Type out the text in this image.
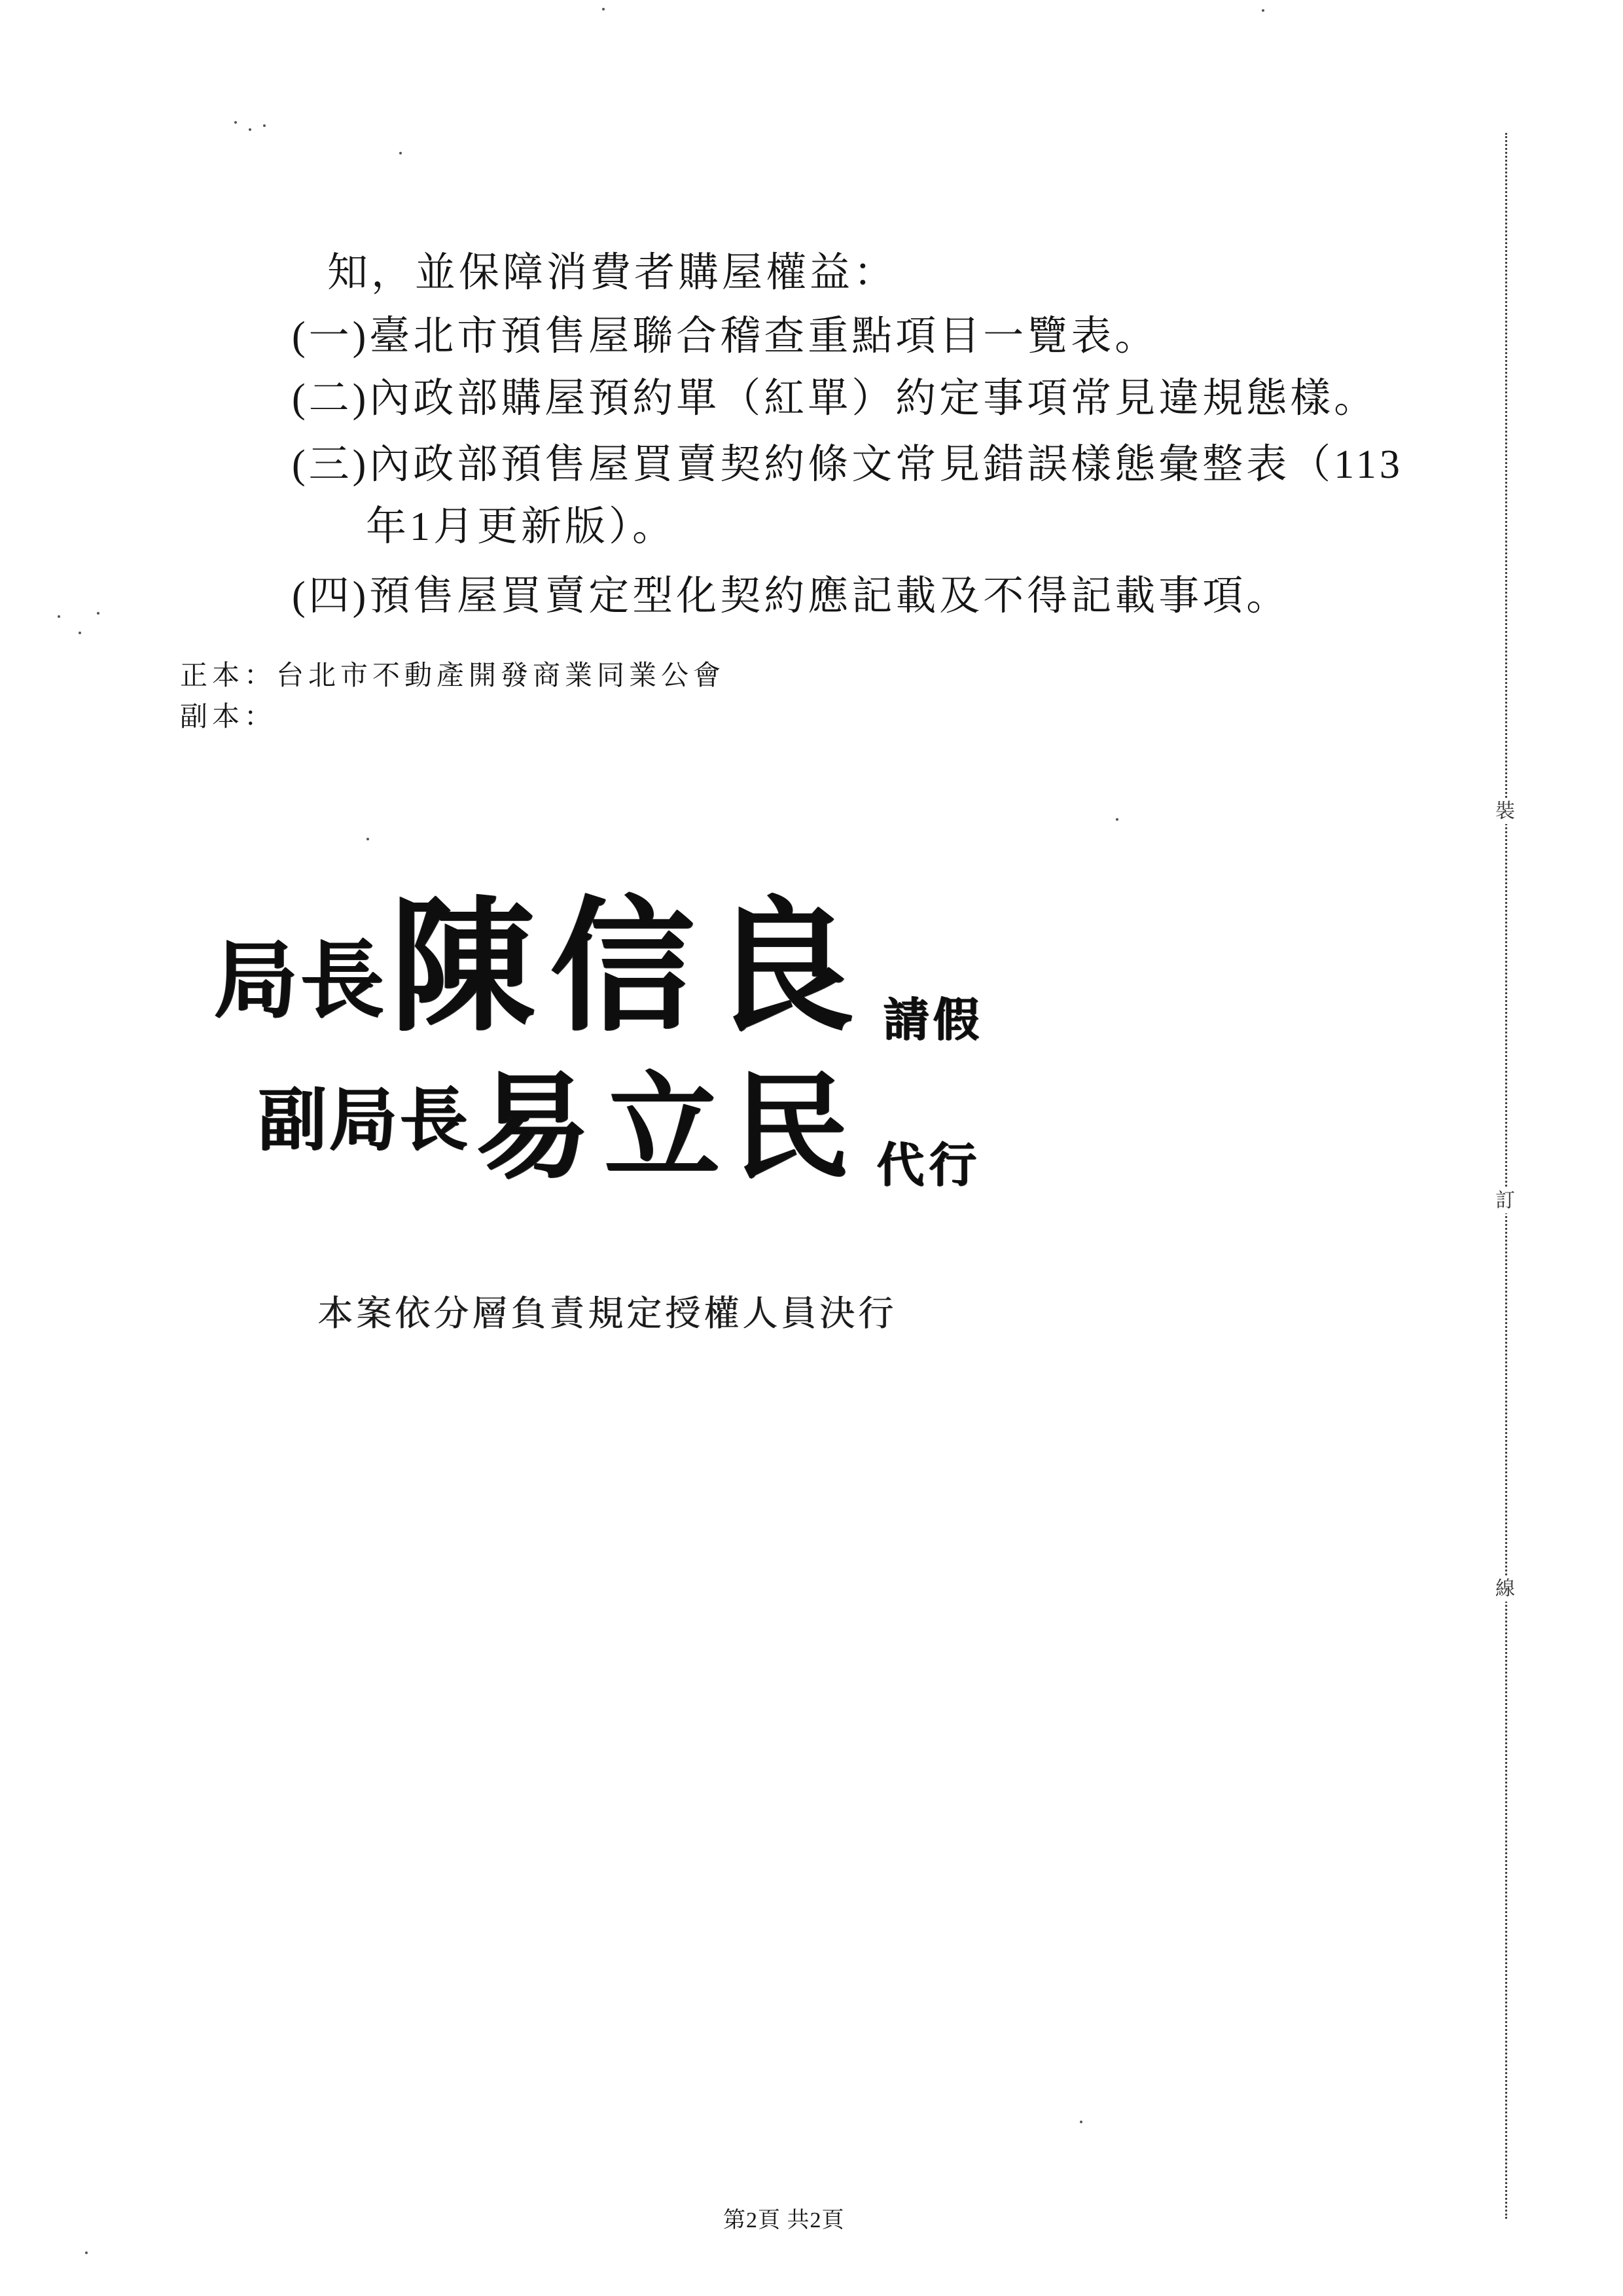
知，並保障消費者購屋權益：
(一)臺北市預售屋聯合稽查重點項目一覽表。
(二)內政部購屋預約單（紅單）約定事項常見違規態樣。
(三)內政部預售屋買賣契約條文常見錯誤樣態彙整表（113
年1月更新版）。
(四)預售屋買賣定型化契約應記載及不得記載事項。
正本：台北市不動產開發商業同業公會
副本：
局長 陳信良 請假
副局長 易立民 代行
本案依分層負責規定授權人員決行
裝
訂
線
第2頁 共2頁
